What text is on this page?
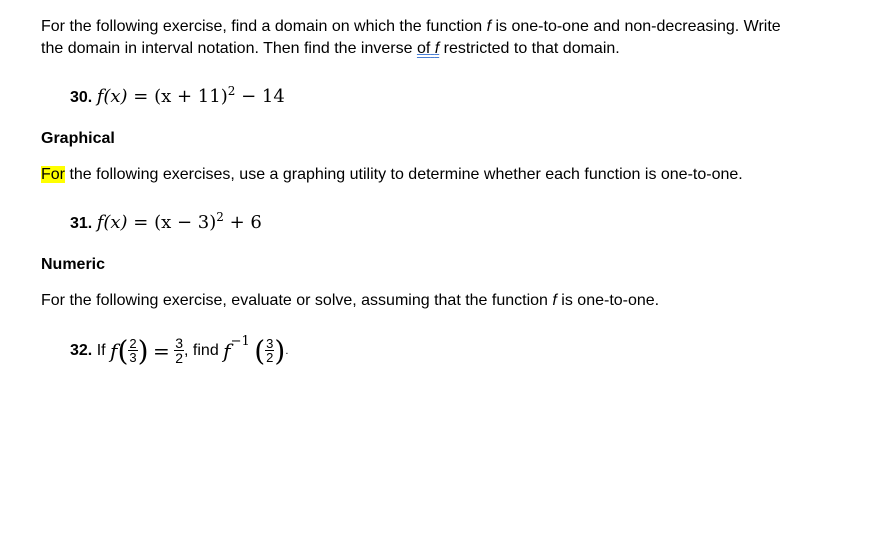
For the following exercise, find a domain on which the function f is one-to-one and non-decreasing. Write
the domain in interval notation. Then find the inverse of f restricted to that domain.
30. $f(x) = (x + 11)^2 - 14$
Graphical
For the following exercises, use a graphing utility to determine whether each function is one-to-one.
31. $f(x) = (x - 3)^2 + 6$
Numeric
For the following exercise, evaluate or solve, assuming that the function f is one-to-one.
32. If $f( \frac{2}{3}$ ) = $\frac{3}{2}$ , find $f^{-1}$ ( $\frac{3}{2}$ ).
